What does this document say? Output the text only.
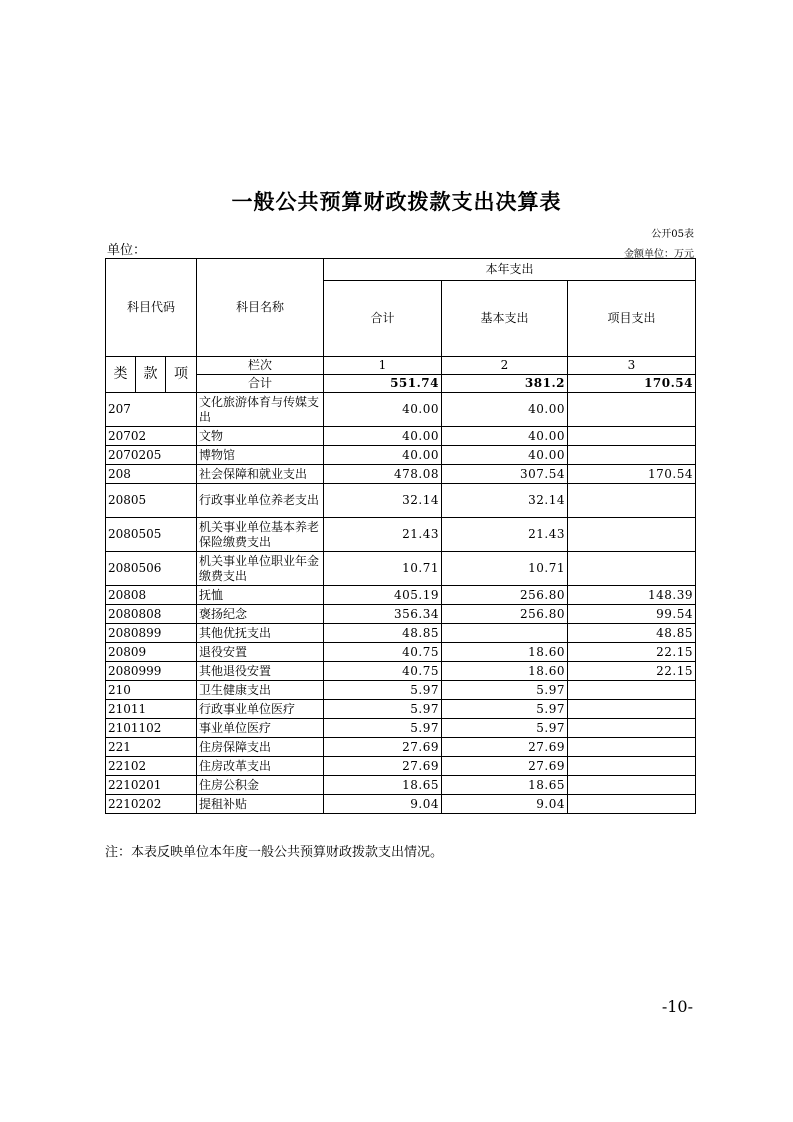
一般公共预算财政拨款支出决算表
公开05表
单位：	金额单位：万元
科目代码			科目名称	本年支出		
				合计	基本支出	项目支出

类	款	项	栏次	1	2	3
			合计	551.74	381.2	170.54
207			文化旅游体育与传媒支出	40.00	40.00	
20702			文物	40.00	40.00	
2070205			博物馆	40.00	40.00	
208			社会保障和就业支出	478.08	307.54	170.54
20805			行政事业单位养老支出	32.14	32.14	
2080505			机关事业单位基本养老保险缴费支出	21.43	21.43	
2080506			机关事业单位职业年金缴费支出	10.71	10.71	
20808			抚恤	405.19	256.80	148.39
2080808			褒扬纪念	356.34	256.80	99.54
2080899			其他优抚支出	48.85		48.85
20809			退役安置	40.75	18.60	22.15
2080999			其他退役安置	40.75	18.60	22.15
210			卫生健康支出	5.97	5.97	
21011			行政事业单位医疗	5.97	5.97	
2101102			事业单位医疗	5.97	5.97	
221			住房保障支出	27.69	27.69	
22102			住房改革支出	27.69	27.69	
2210201			住房公积金	18.65	18.65	
2210202			提租补贴	9.04	9.04	
注：本表反映单位本年度一般公共预算财政拨款支出情况。
-10-
